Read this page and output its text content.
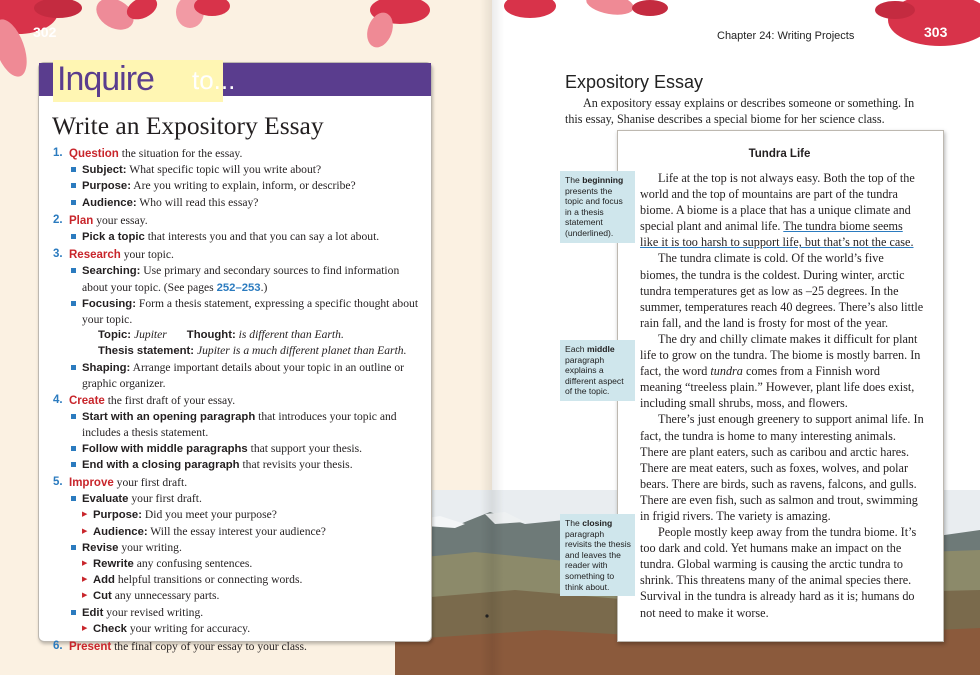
302	303
Chapter 24: Writing Projects
Inquire to...
Write an Expository Essay
1. Question the situation for the essay.
Subject: What specific topic will you write about?
Purpose: Are you writing to explain, inform, or describe?
Audience: Who will read this essay?
2. Plan your essay.
Pick a topic that interests you and that you can say a lot about.
3. Research your topic.
Searching: Use primary and secondary sources to find information about your topic. (See pages 252–253.)
Focusing: Form a thesis statement, expressing a specific thought about your topic.
Topic: Jupiter Thought: is different than Earth.
Thesis statement: Jupiter is a much different planet than Earth.
Shaping: Arrange important details about your topic in an outline or graphic organizer.
4. Create the first draft of your essay.
Start with an opening paragraph that introduces your topic and includes a thesis statement.
Follow with middle paragraphs that support your thesis.
End with a closing paragraph that revisits your thesis.
5. Improve your first draft.
Evaluate your first draft.
▶ Purpose: Did you meet your purpose?
▶ Audience: Will the essay interest your audience?
Revise your writing.
▶ Rewrite any confusing sentences.
▶ Add helpful transitions or connecting words.
▶ Cut any unnecessary parts.
Edit your revised writing.
▶ Check your writing for accuracy.
6. Present the final copy of your essay to your class.
Expository Essay
An expository essay explains or describes someone or something. In this essay, Shanise describes a special biome for her science class.
Tundra Life

Life at the top is not always easy. Both the top of the world and the top of mountains are part of the tundra biome. A biome is a place that has a unique climate and special plant and animal life. The tundra biome seems like it is too harsh to support life, but that’s not the case.

The tundra climate is cold. Of the world’s five biomes, the tundra is the coldest. During winter, arctic tundra temperatures get as low as –25 degrees. In the summer, temperatures reach 40 degrees. There’s also little rain fall, and the land is frosty for most of the year.

The dry and chilly climate makes it difficult for plant life to grow on the tundra. The biome is mostly barren. In fact, the word tundra comes from a Finnish word meaning “treeless plain.” However, plant life does exist, including small shrubs, moss, and flowers.

There’s just enough greenery to support animal life. In fact, the tundra is home to many interesting animals. There are plant eaters, such as caribou and arctic hares. There are meat eaters, such as foxes, wolves, and polar bears. There are birds, such as ravens, falcons, and gulls. There are even fish, such as salmon and trout, swimming in frigid rivers. The variety is amazing.

People mostly keep away from the tundra biome. It’s too dark and cold. Yet humans make an impact on the tundra. Global warming is causing the arctic tundra to shrink. This threatens many of the animal species there. Survival in the tundra is already hard as it is; humans do not need to make it worse.

The beginning presents the topic and focus in a thesis statement (underlined).
Each middle paragraph explains a different aspect of the topic.
The closing paragraph revisits the thesis and leaves the reader with something to think about.
